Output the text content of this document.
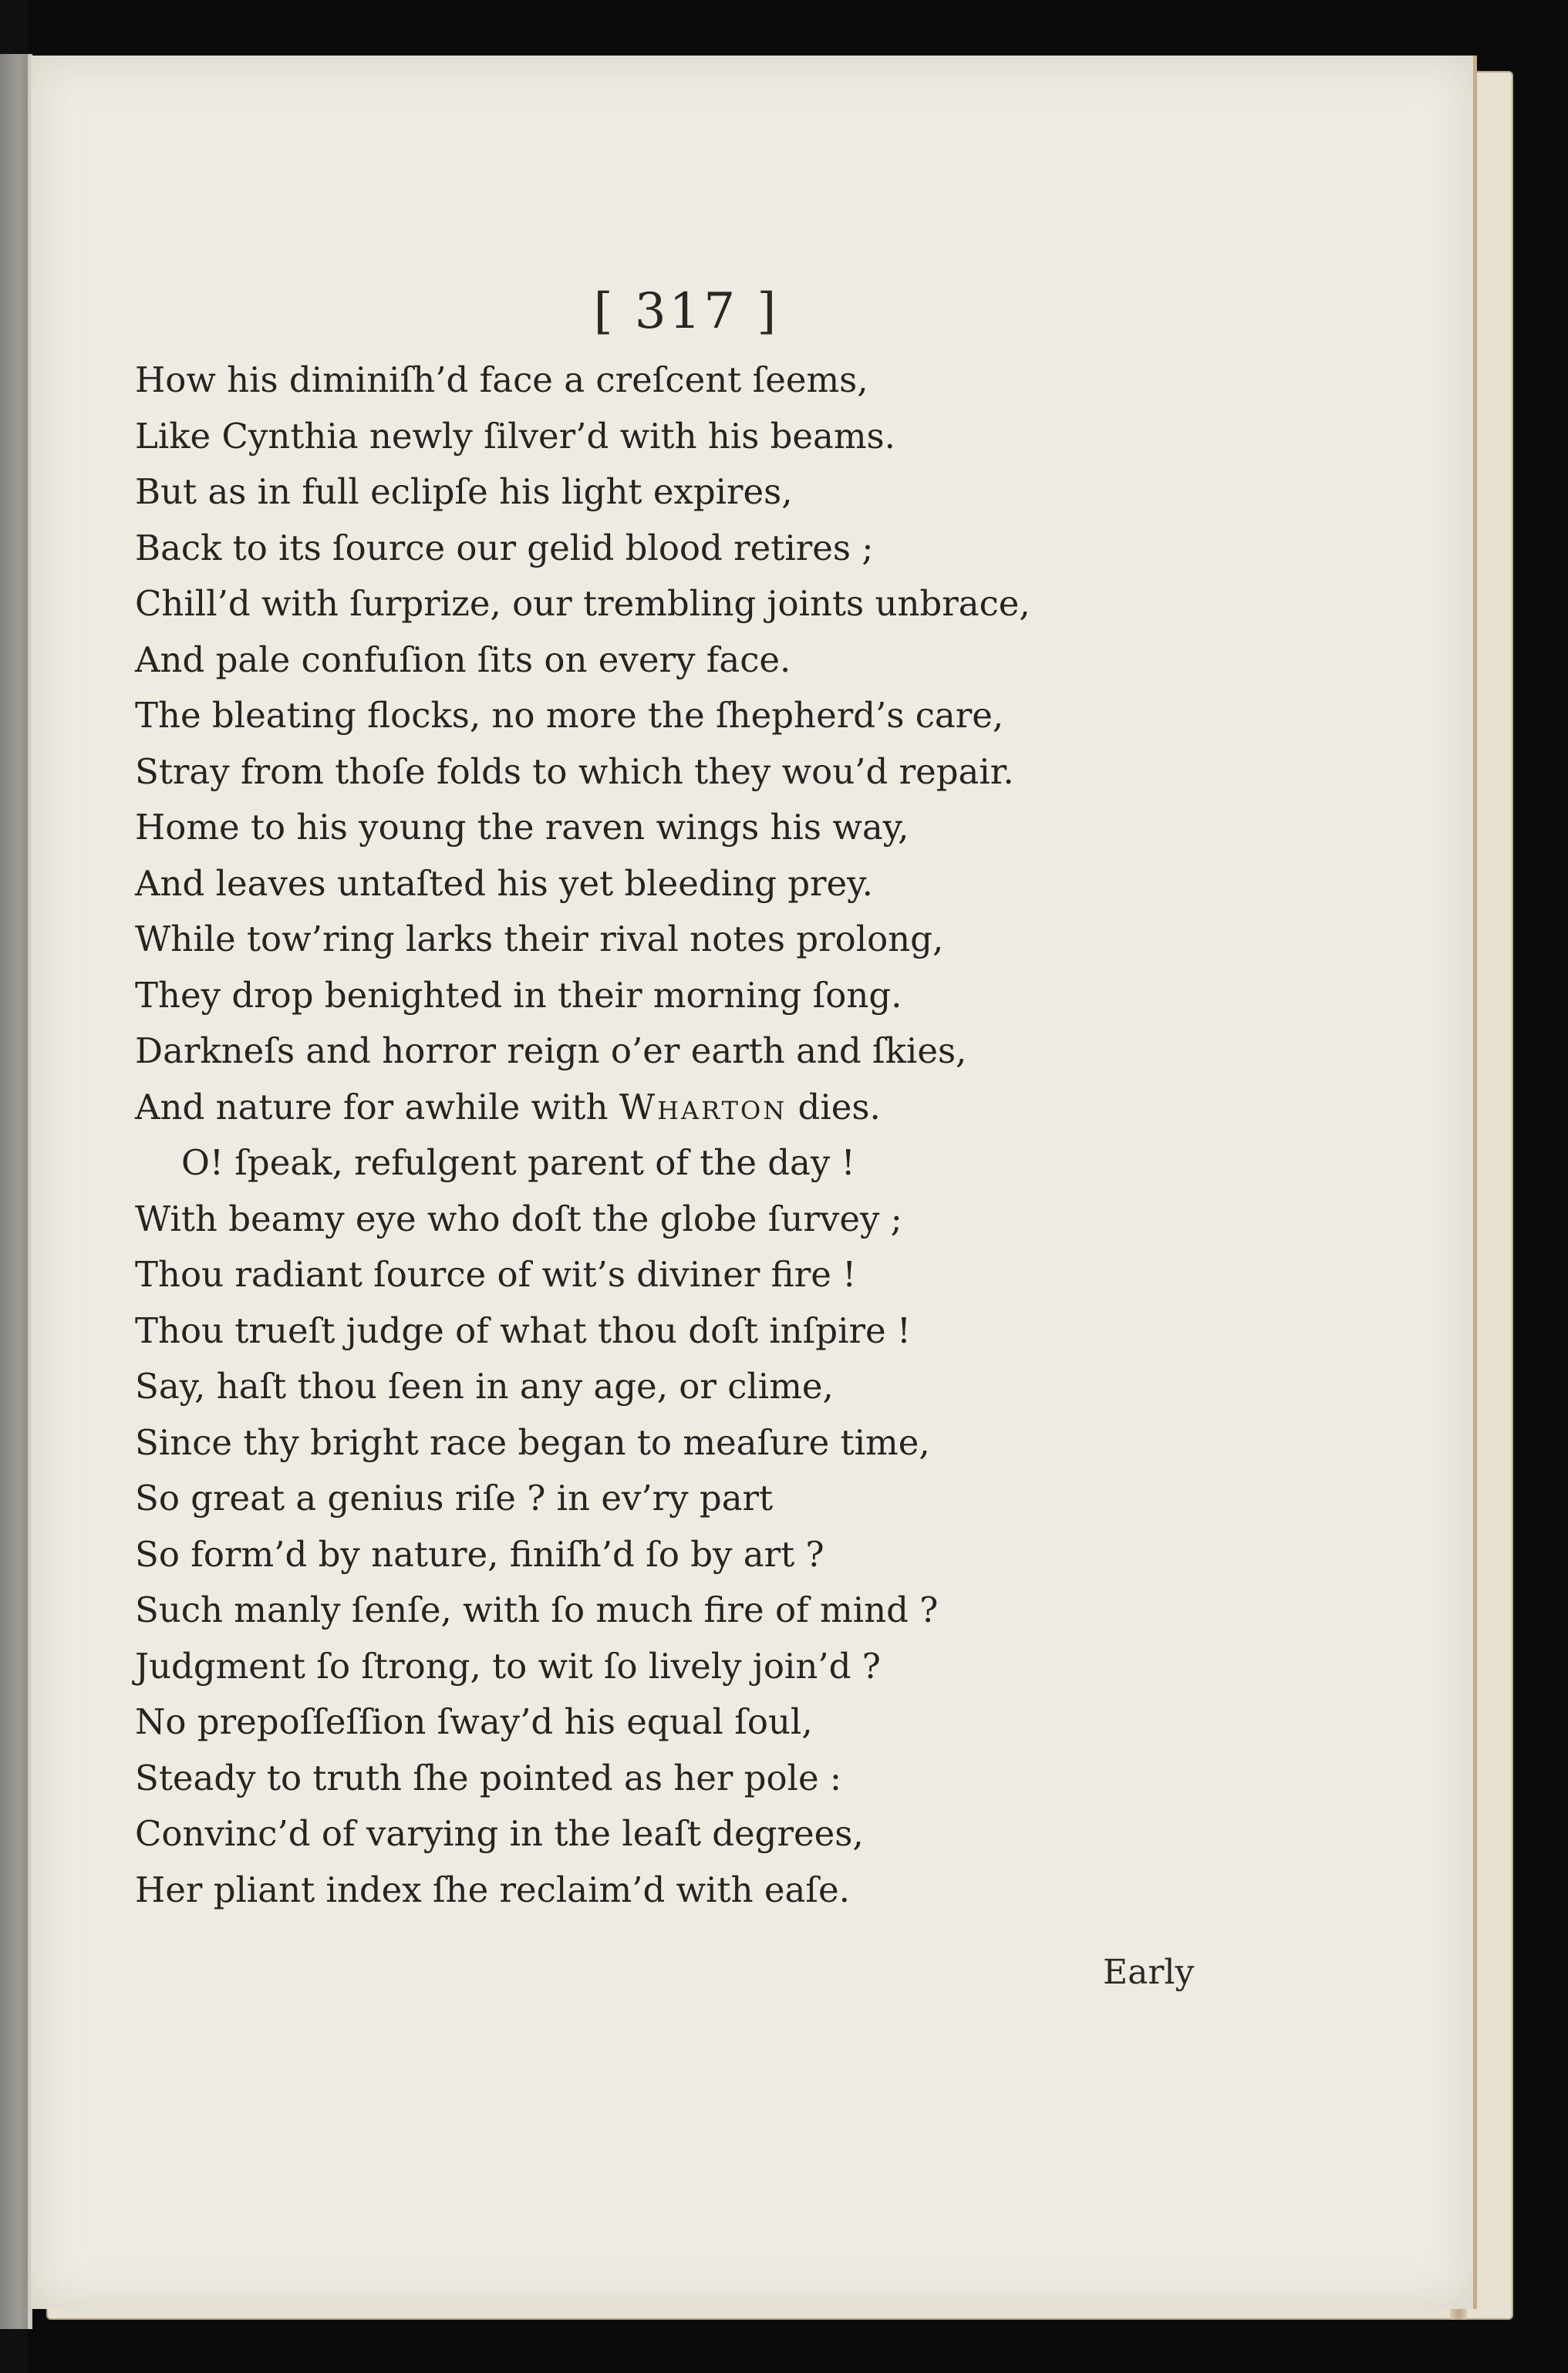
[ 317 ]
How his diminiſh’d face a creſcent ſeems,
Like Cynthia newly ſilver’d with his beams.
But as in full eclipſe his light expires,
Back to its ſource our gelid blood retires ;
Chill’d with ſurprize, our trembling joints unbrace,
And pale confuſion ſits on every face.
The bleating flocks, no more the ſhepherd’s care,
Stray from thoſe folds to which they wou’d repair.
Home to his young the raven wings his way,
And leaves untaſted his yet bleeding prey.
While tow’ring larks their rival notes prolong,
They drop benighted in their morning ſong.
Darkneſs and horror reign o’er earth and ſkies,
And nature for awhile with Wharton dies.
O! ſpeak, refulgent parent of the day !
With beamy eye who doſt the globe ſurvey ;
Thou radiant ſource of wit’s diviner fire !
Thou trueſt judge of what thou doſt inſpire !
Say, haſt thou ſeen in any age, or clime,
Since thy bright race began to meaſure time,
So great a genius riſe ? in ev’ry part
So form’d by nature, finiſh’d ſo by art ?
Such manly ſenſe, with ſo much fire of mind ?
Judgment ſo ſtrong, to wit ſo lively join’d ?
No prepoſſeſſion ſway’d his equal ſoul,
Steady to truth ſhe pointed as her pole :
Convinc’d of varying in the leaſt degrees,
Her pliant index ſhe reclaim’d with eaſe.

Early
